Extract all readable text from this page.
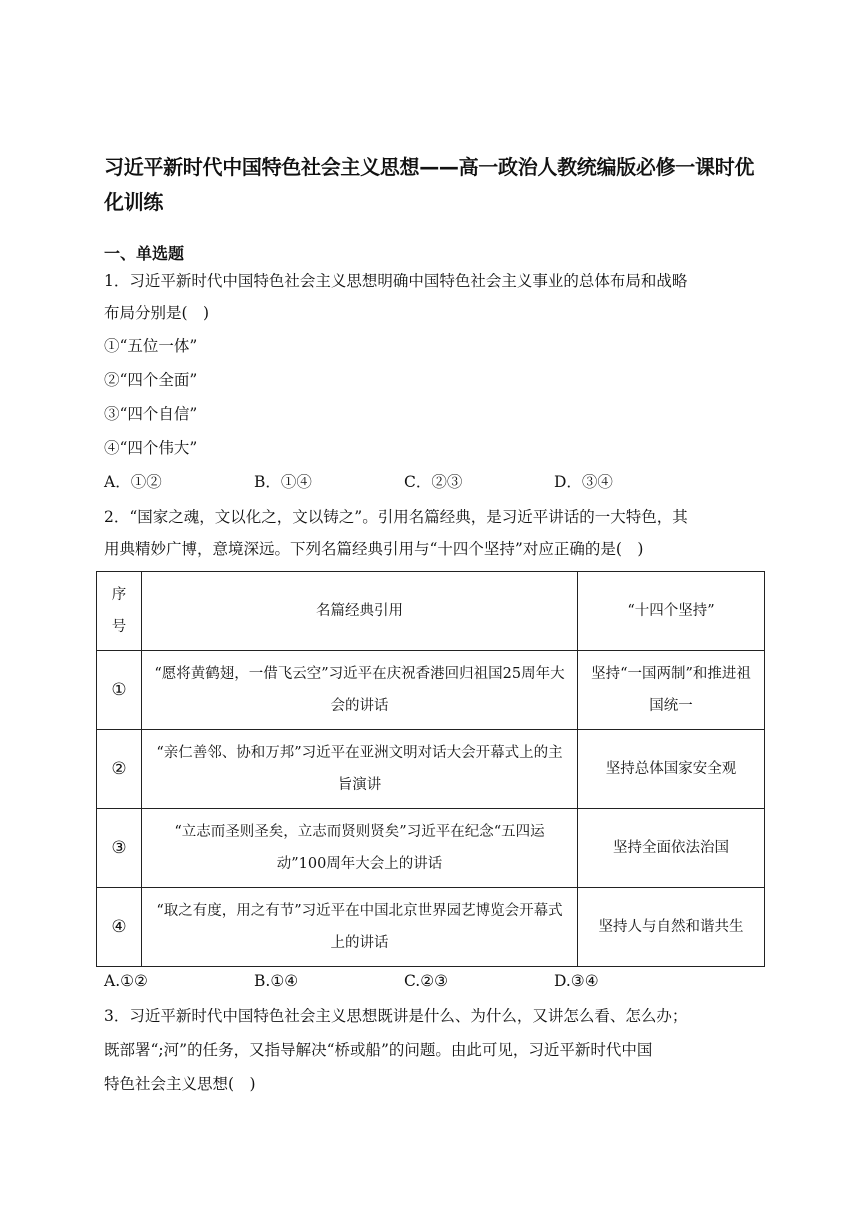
习近平新时代中国特色社会主义思想——高一政治人教统编版必修一课时优化训练
一、单选题
1．习近平新时代中国特色社会主义思想明确中国特色社会主义事业的总体布局和战略
布局分别是(　)
①“五位一体”
②“四个全面”
③“四个自信”
④“四个伟大”
A．①②	B．①④	C．②③	D．③④
2．“国家之魂，文以化之，文以铸之”。引用名篇经典，是习近平讲话的一大特色，其
用典精妙广博，意境深远。下列名篇经典引用与“十四个坚持”对应正确的是(　)
序号	名篇经典引用	“十四个坚持”
①	“愿将黄鹤翅，一借飞云空”习近平在庆祝香港回归祖国25周年大会的讲话	坚持“一国两制”和推进祖国统一
②	“亲仁善邻、协和万邦”习近平在亚洲文明对话大会开幕式上的主旨演讲	坚持总体国家安全观
③	“立志而圣则圣矣，立志而贤则贤矣”习近平在纪念“五四运动”100周年大会上的讲话	坚持全面依法治国
④	“取之有度，用之有节”习近平在中国北京世界园艺博览会开幕式上的讲话	坚持人与自然和谐共生
A.①②	B.①④	C.②③	D.③④
3．习近平新时代中国特色社会主义思想既讲是什么、为什么，又讲怎么看、怎么办；
既部署“;河”的任务，又指导解决“桥或船”的问题。由此可见，习近平新时代中国
特色社会主义思想(　)
